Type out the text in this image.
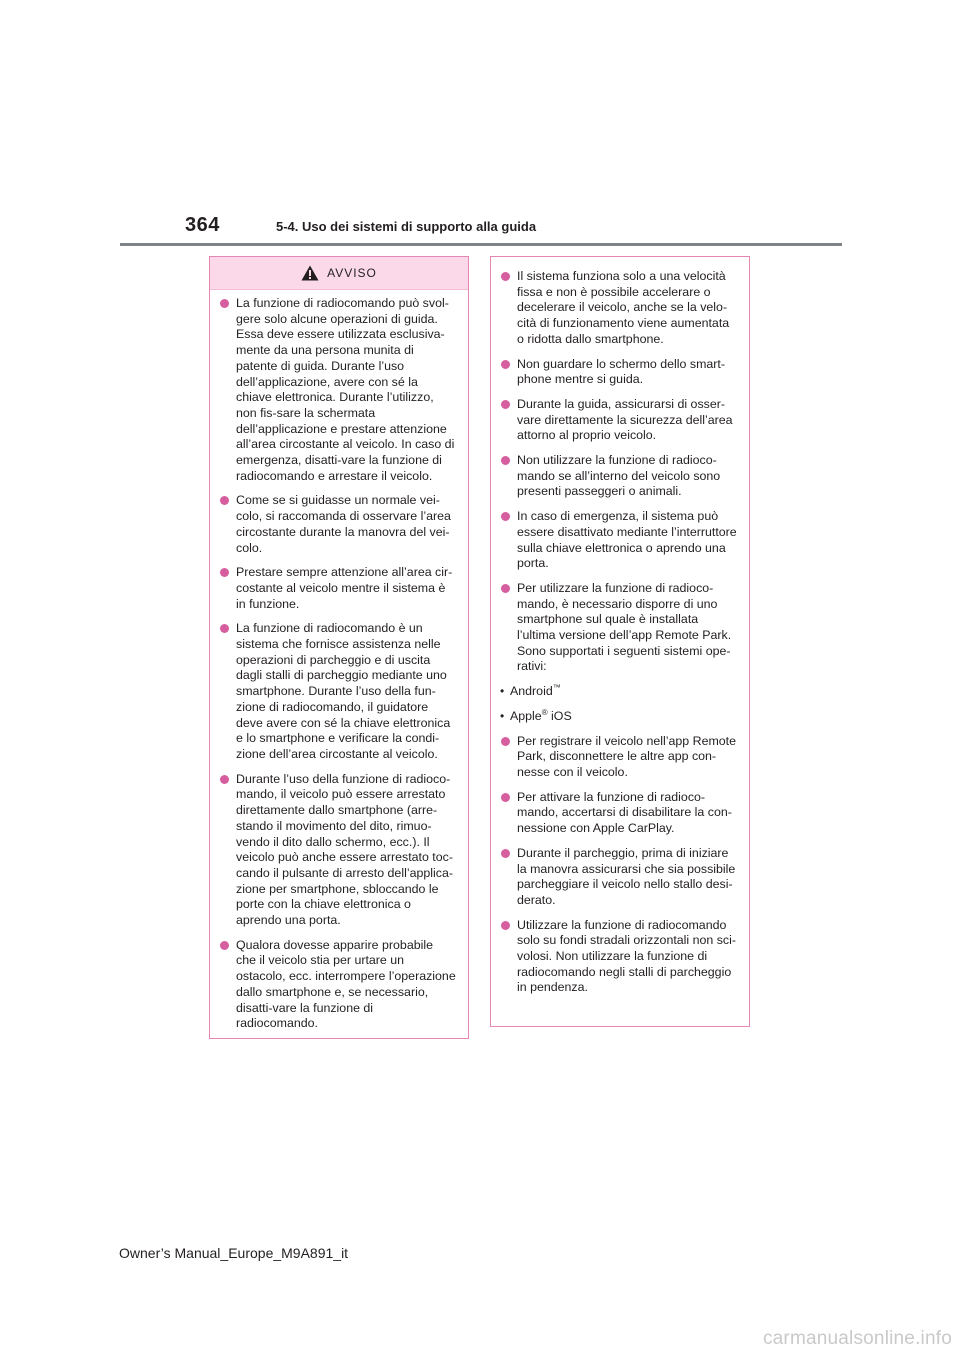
364	5-4. Uso dei sistemi di supporto alla guida
AVVISO
La funzione di radiocomando può svol-gere solo alcune operazioni di guida. Essa deve essere utilizzata esclusiva-mente da una persona munita di patente di guida. Durante l’uso dell’applicazione, avere con sé la chiave elettronica. Durante l’utilizzo, non fis-sare la schermata dell’applicazione e prestare attenzione all’area circostante al veicolo. In caso di emergenza, disatti-vare la funzione di radiocomando e arrestare il veicolo.
Come se si guidasse un normale vei-colo, si raccomanda di osservare l’area circostante durante la manovra del vei-colo.
Prestare sempre attenzione all’area cir-costante al veicolo mentre il sistema è in funzione.
La funzione di radiocomando è un sistema che fornisce assistenza nelle operazioni di parcheggio e di uscita dagli stalli di parcheggio mediante uno smartphone. Durante l’uso della fun-zione di radiocomando, il guidatore deve avere con sé la chiave elettronica e lo smartphone e verificare la condi-zione dell’area circostante al veicolo.
Durante l’uso della funzione di radioco-mando, il veicolo può essere arrestato direttamente dallo smartphone (arre-stando il movimento del dito, rimuo-vendo il dito dallo schermo, ecc.). Il veicolo può anche essere arrestato toc-cando il pulsante di arresto dell’applica-zione per smartphone, sbloccando le porte con la chiave elettronica o aprendo una porta.
Qualora dovesse apparire probabile che il veicolo stia per urtare un ostacolo, ecc. interrompere l’operazione dallo smartphone e, se necessario, disatti-vare la funzione di radiocomando.
Il sistema funziona solo a una velocità fissa e non è possibile accelerare o decelerare il veicolo, anche se la velo-cità di funzionamento viene aumentata o ridotta dallo smartphone.
Non guardare lo schermo dello smart-phone mentre si guida.
Durante la guida, assicurarsi di osser-vare direttamente la sicurezza dell’area attorno al proprio veicolo.
Non utilizzare la funzione di radioco-mando se all’interno del veicolo sono presenti passeggeri o animali.
In caso di emergenza, il sistema può essere disattivato mediante l’interruttore sulla chiave elettronica o aprendo una porta.
Per utilizzare la funzione di radioco-mando, è necessario disporre di uno smartphone sul quale è installata l’ultima versione dell’app Remote Park. Sono supportati i seguenti sistemi ope-rativi:
• Android™
• Apple® iOS
Per registrare il veicolo nell’app Remote Park, disconnettere le altre app con-nesse con il veicolo.
Per attivare la funzione di radioco-mando, accertarsi di disabilitare la con-nessione con Apple CarPlay.
Durante il parcheggio, prima di iniziare la manovra assicurarsi che sia possibile parcheggiare il veicolo nello stallo desi-derato.
Utilizzare la funzione di radiocomando solo su fondi stradali orizzontali non sci-volosi. Non utilizzare la funzione di radiocomando negli stalli di parcheggio in pendenza.
Owner’s Manual_Europe_M9A891_it
carmanualsonline.info
